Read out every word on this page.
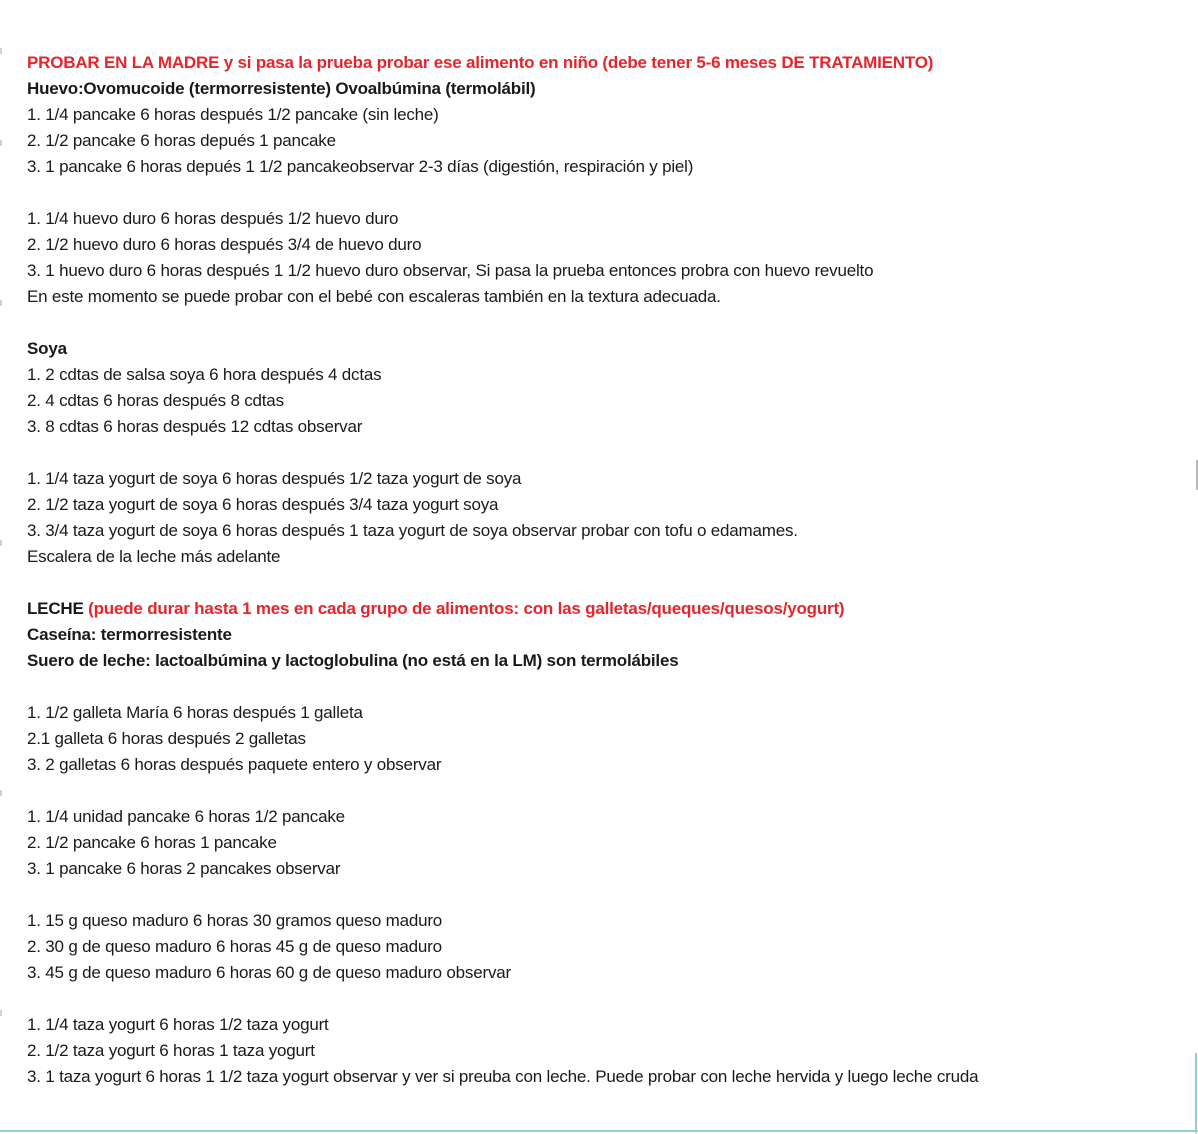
PROBAR EN LA MADRE y si pasa la prueba probar ese alimento en niño (debe tener 5-6 meses DE TRATAMIENTO)
Huevo:Ovomucoide (termorresistente) Ovoalbúmina (termolábil)
1. 1/4 pancake 6 horas después 1/2 pancake (sin leche)
2. 1/2 pancake 6 horas depués 1 pancake
3. 1 pancake 6 horas depués 1 1/2 pancakeobservar 2-3 días (digestión, respiración y piel)
1. 1/4 huevo duro 6 horas después 1/2 huevo duro
2. 1/2 huevo duro 6 horas después 3/4 de huevo duro
3. 1 huevo duro 6 horas después 1 1/2 huevo duro observar, Si pasa la prueba entonces probra con huevo revuelto
En este momento se puede probar con el bebé con escaleras también en la textura adecuada.
Soya
1. 2 cdtas de salsa soya 6 hora después 4 dctas
2. 4 cdtas 6 horas después 8 cdtas
3. 8 cdtas 6 horas después 12 cdtas observar
1. 1/4 taza yogurt de soya 6 horas después 1/2 taza yogurt de soya
2. 1/2 taza yogurt de soya 6 horas después 3/4 taza yogurt soya
3. 3/4 taza yogurt de soya 6 horas después 1 taza yogurt de soya observar probar con tofu o edamames.
Escalera de la leche más adelante
LECHE (puede durar hasta 1 mes en cada grupo de alimentos: con las galletas/queques/quesos/yogurt)
Caseína: termorresistente
Suero de leche: lactoalbúmina y lactoglobulina (no está en la LM) son termolábiles
1. 1/2 galleta María 6 horas después 1 galleta
2.1 galleta 6 horas después 2 galletas
3. 2 galletas 6 horas después paquete entero y observar
1. 1/4 unidad pancake 6 horas 1/2 pancake
2. 1/2 pancake 6 horas 1 pancake
3. 1 pancake 6 horas 2 pancakes observar
1. 15 g queso maduro 6 horas 30 gramos queso maduro
2. 30 g de queso maduro 6 horas 45 g de queso maduro
3. 45 g de queso maduro 6 horas 60 g de queso maduro observar
1. 1/4 taza yogurt 6 horas 1/2 taza yogurt
2. 1/2 taza yogurt 6 horas 1 taza yogurt
3. 1 taza yogurt 6 horas 1 1/2 taza yogurt observar y ver si preuba con leche. Puede probar con leche hervida y luego leche cruda
